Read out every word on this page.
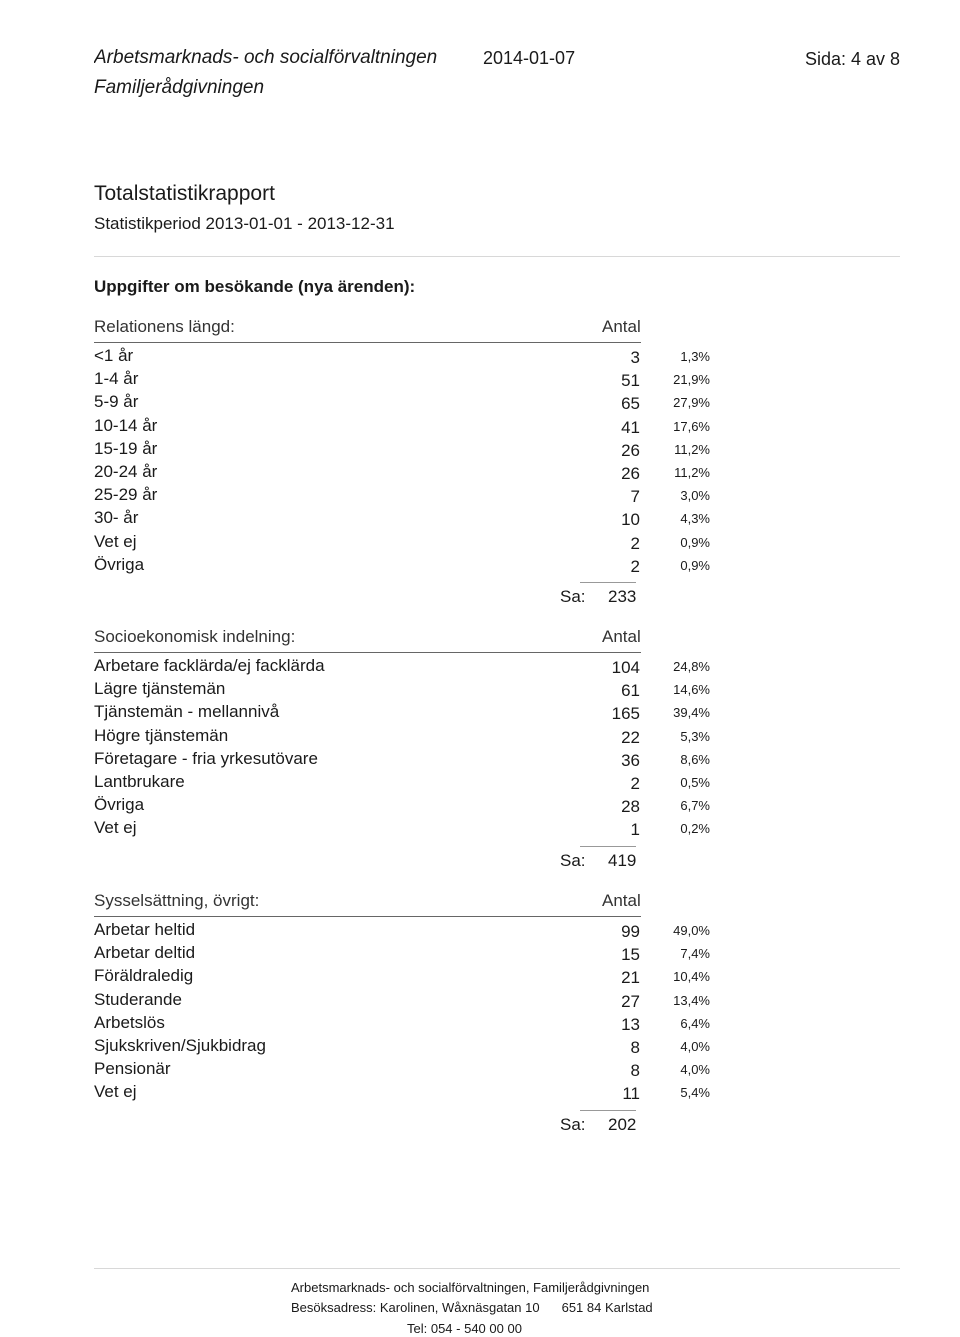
Arbetsmarknads- och socialförvaltningen
Familjerådgivningen
2014-01-07	Sida: 4 av 8
Totalstatistikrapport
Statistikperiod 2013-01-01 - 2013-12-31
Uppgifter om besökande (nya ärenden):
Relationens längd:	Antal
<1 år	3	1,3%
1-4 år	51	21,9%
5-9 år	65	27,9%
10-14 år	41	17,6%
15-19 år	26	11,2%
20-24 år	26	11,2%
25-29 år	7	3,0%
30- år	10	4,3%
Vet ej	2	0,9%
Övriga	2	0,9%
Sa: 233
Socioekonomisk indelning:	Antal
Arbetare facklärda/ej facklärda	104	24,8%
Lägre tjänstemän	61	14,6%
Tjänstemän - mellannivå	165	39,4%
Högre tjänstemän	22	5,3%
Företagare - fria yrkesutövare	36	8,6%
Lantbrukare	2	0,5%
Övriga	28	6,7%
Vet ej	1	0,2%
Sa: 419
Sysselsättning, övrigt:	Antal
Arbetar heltid	99	49,0%
Arbetar deltid	15	7,4%
Föräldraledig	21	10,4%
Studerande	27	13,4%
Arbetslös	13	6,4%
Sjukskriven/Sjukbidrag	8	4,0%
Pensionär	8	4,0%
Vet ej	11	5,4%
Sa: 202
Arbetsmarknads- och socialförvaltningen, Familjerådgivningen
Besöksadress: Karolinen, Wåxnäsgatan 10 651 84 Karlstad
Tel: 054 - 540 00 00
